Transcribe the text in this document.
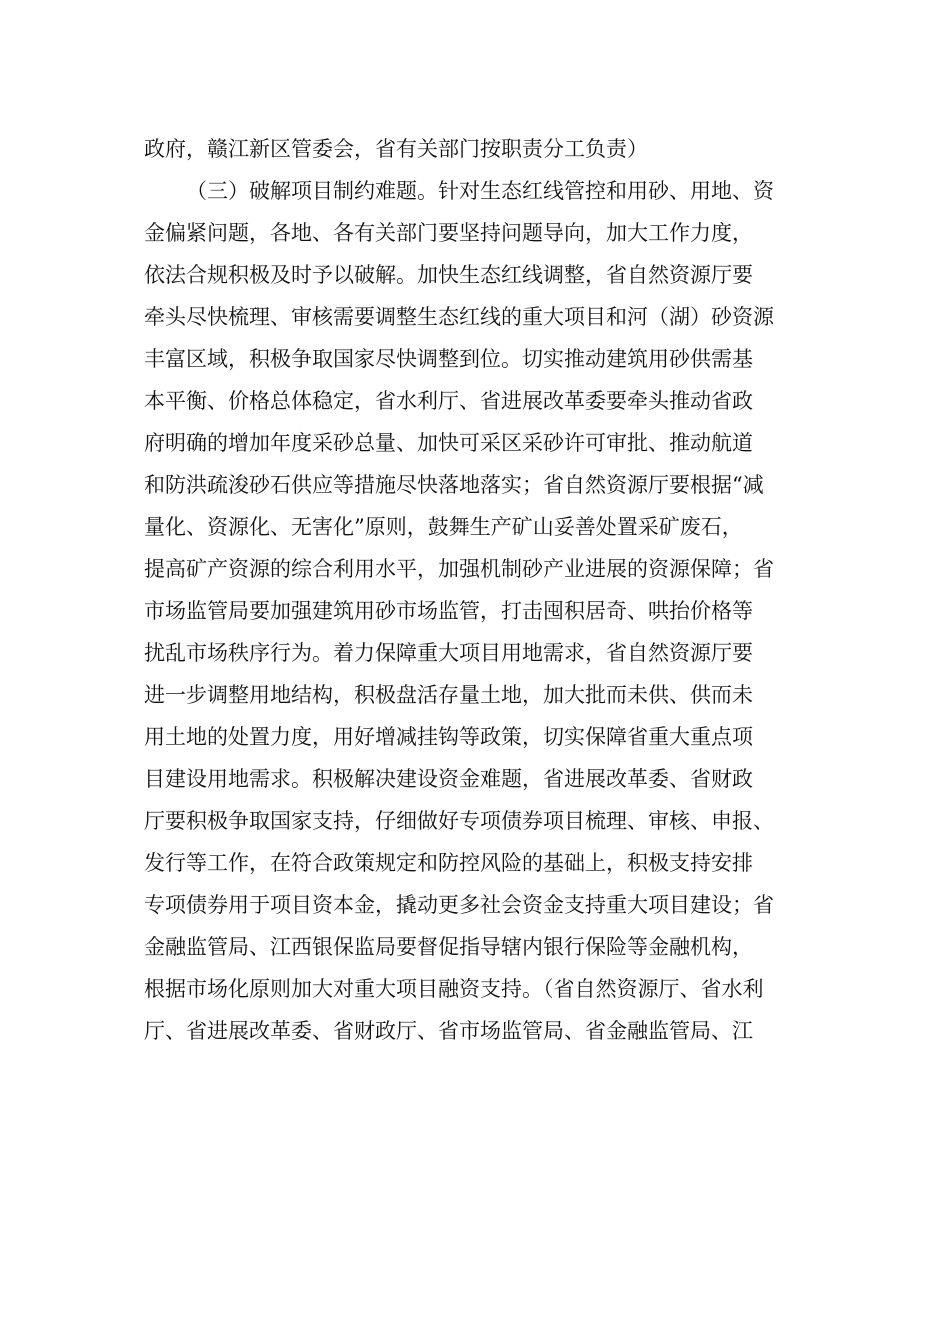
政府，赣江新区管委会，省有关部门按职责分工负责）
（三）破解项目制约难题。针对生态红线管控和用砂、用地、资
金偏紧问题，各地、各有关部门要坚持问题导向，加大工作力度，
依法合规积极及时予以破解。加快生态红线调整，省自然资源厅要
牵头尽快梳理、审核需要调整生态红线的重大项目和河（湖）砂资源
丰富区域，积极争取国家尽快调整到位。切实推动建筑用砂供需基
本平衡、价格总体稳定，省水利厅、省进展改革委要牵头推动省政
府明确的增加年度采砂总量、加快可采区采砂许可审批、推动航道
和防洪疏浚砂石供应等措施尽快落地落实；省自然资源厅要根据“减
量化、资源化、无害化”原则，鼓舞生产矿山妥善处置采矿废石，
提高矿产资源的综合利用水平，加强机制砂产业进展的资源保障；省
市场监管局要加强建筑用砂市场监管，打击囤积居奇、哄抬价格等
扰乱市场秩序行为。着力保障重大项目用地需求，省自然资源厅要
进一步调整用地结构，积极盘活存量土地，加大批而未供、供而未
用土地的处置力度，用好增减挂钩等政策，切实保障省重大重点项
目建设用地需求。积极解决建设资金难题，省进展改革委、省财政
厅要积极争取国家支持，仔细做好专项债券项目梳理、审核、申报、
发行等工作，在符合政策规定和防控风险的基础上，积极支持安排
专项债券用于项目资本金，撬动更多社会资金支持重大项目建设；省
金融监管局、江西银保监局要督促指导辖内银行保险等金融机构，
根据市场化原则加大对重大项目融资支持。（省自然资源厅、省水利
厅、省进展改革委、省财政厅、省市场监管局、省金融监管局、江
